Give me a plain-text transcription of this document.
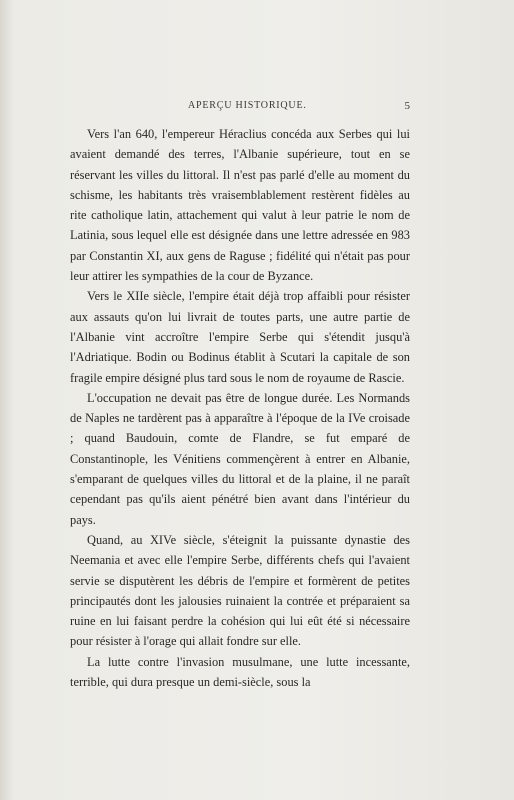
APERÇU HISTORIQUE.	5

Vers l'an 640, l'empereur Héraclius concéda aux Serbes qui lui avaient demandé des terres, l'Albanie supérieure, tout en se réservant les villes du littoral. Il n'est pas parlé d'elle au moment du schisme, les habitants très vraisemblablement restèrent fidèles au rite catholique latin, attachement qui valut à leur patrie le nom de Latinia, sous lequel elle est désignée dans une lettre adressée en 983 par Constantin XI, aux gens de Raguse ; fidélité qui n'était pas pour leur attirer les sympathies de la cour de Byzance.

Vers le XIIe siècle, l'empire était déjà trop affaibli pour résister aux assauts qu'on lui livrait de toutes parts, une autre partie de l'Albanie vint accroître l'empire Serbe qui s'étendit jusqu'à l'Adriatique. Bodin ou Bodinus établit à Scutari la capitale de son fragile empire désigné plus tard sous le nom de royaume de Rascie.

L'occupation ne devait pas être de longue durée. Les Normands de Naples ne tardèrent pas à apparaître à l'époque de la IVe croisade ; quand Baudouin, comte de Flandre, se fut emparé de Constantinople, les Vénitiens commençèrent à entrer en Albanie, s'emparant de quelques villes du littoral et de la plaine, il ne paraît cependant pas qu'ils aient pénétré bien avant dans l'intérieur du pays.

Quand, au XIVe siècle, s'éteignit la puissante dynastie des Neemania et avec elle l'empire Serbe, différents chefs qui l'avaient servie se disputèrent les débris de l'empire et formèrent de petites principautés dont les jalousies ruinaient la contrée et préparaient sa ruine en lui faisant perdre la cohésion qui lui eût été si nécessaire pour résister à l'orage qui allait fondre sur elle.

La lutte contre l'invasion musulmane, une lutte incessante, terrible, qui dura presque un demi-siècle, sous la
